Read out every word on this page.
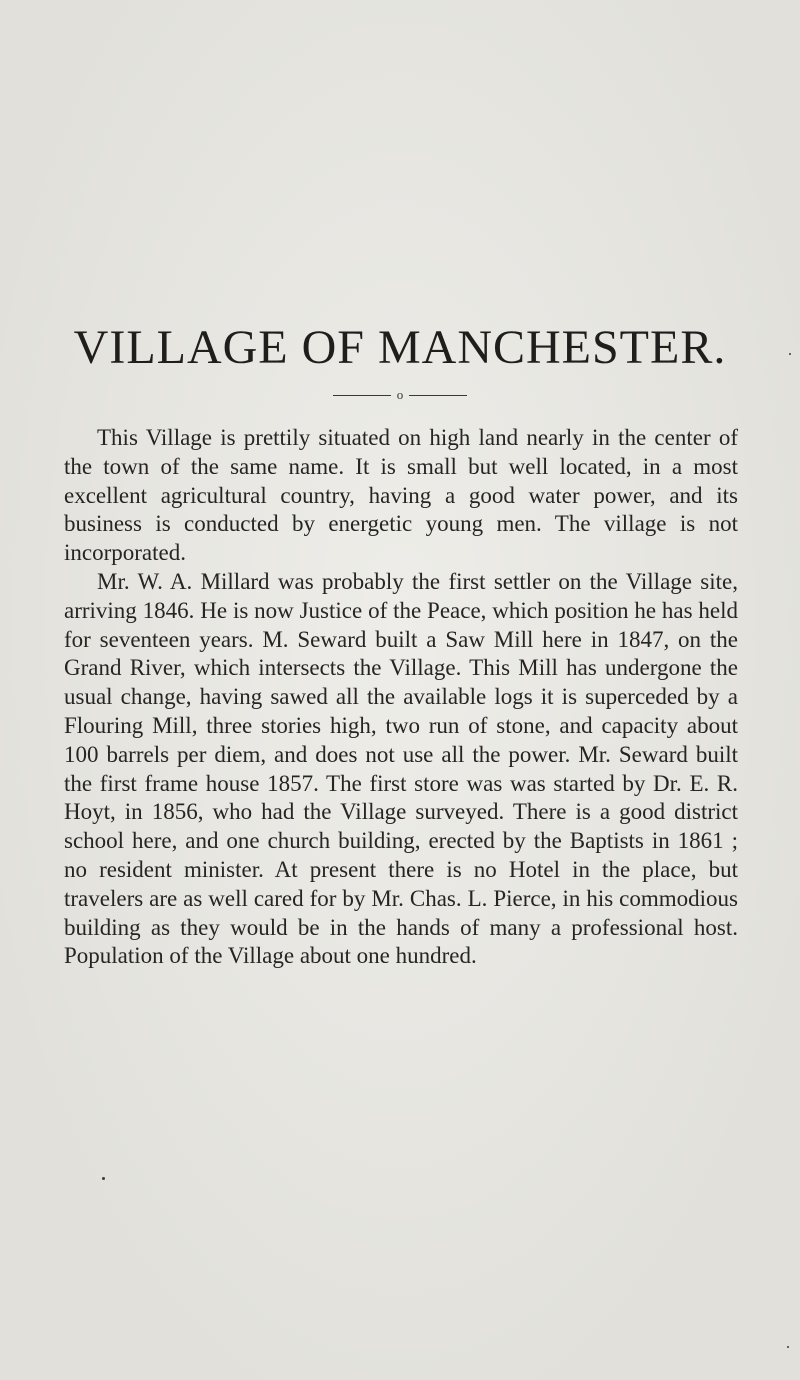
VILLAGE OF MANCHESTER.
o

This Village is prettily situated on high land nearly in the center of the town of the same name. It is small but well located, in a most excellent agricultural country, having a good water power, and its business is conducted by energetic young men. The village is not incorporated.

Mr. W. A. Millard was probably the first settler on the Village site, arriving 1846. He is now Justice of the Peace, which position he has held for seventeen years. M. Seward built a Saw Mill here in 1847, on the Grand River, which intersects the Village. This Mill has undergone the usual change, having sawed all the available logs it is superceded by a Flouring Mill, three stories high, two run of stone, and capacity about 100 barrels per diem, and does not use all the power. Mr. Seward built the first frame house 1857. The first store was was started by Dr. E. R. Hoyt, in 1856, who had the Village surveyed. There is a good district school here, and one church building, erected by the Baptists in 1861 ; no resident minister. At present there is no Hotel in the place, but travelers are as well cared for by Mr. Chas. L. Pierce, in his commodious building as they would be in the hands of many a professional host. Population of the Village about one hundred.
